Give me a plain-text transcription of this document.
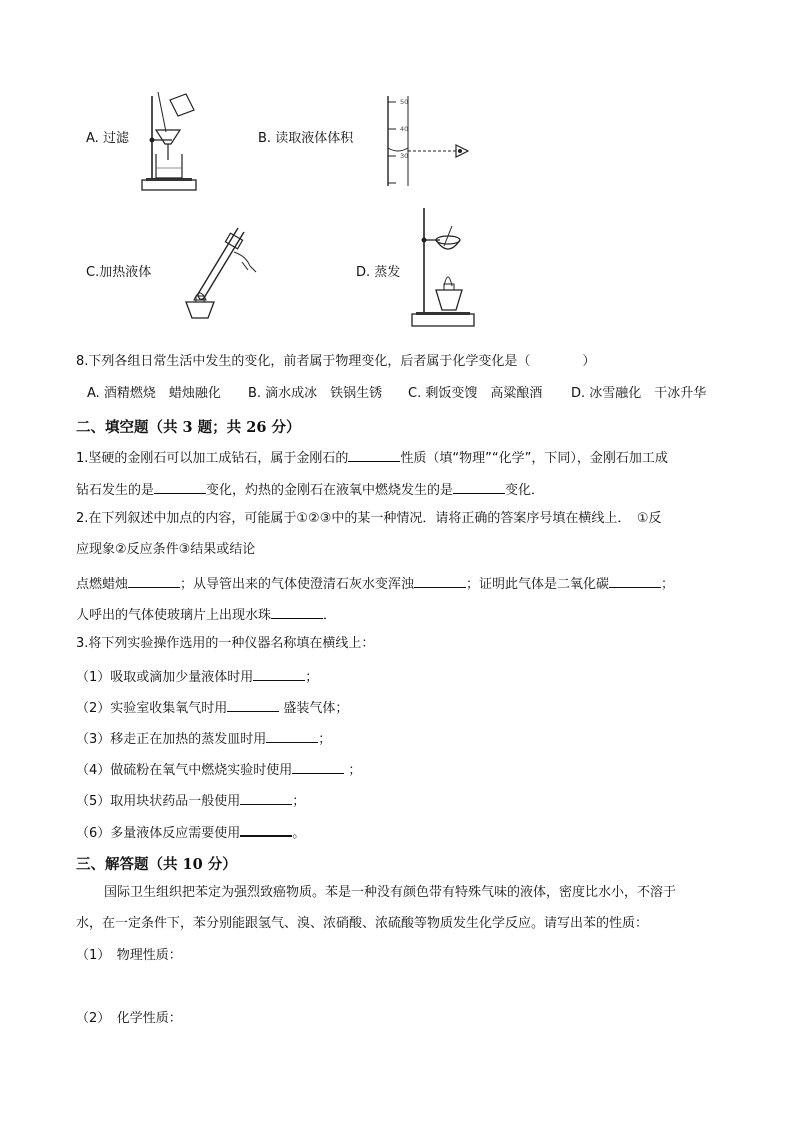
A. 过滤	B. 读取液体体积
C.加热液体	D. 蒸发
50
40
30
8.下列各组日常生活中发生的变化，前者属于物理变化，后者属于化学变化是（　　　　）
A. 酒精燃烧　蜡烛融化 B. 滴水成冰　铁锅生锈 C. 剩饭变馊　高粱酿酒 D. 冰雪融化　干冰升华
二、填空题（共 3 题；共 26 分）
1.坚硬的金刚石可以加工成钻石，属于金刚石的	性质（填“物理”“化学”，下同），金刚石加工成
钻石发生的是	变化，灼热的金刚石在液氧中燃烧发生的是	变化．
2.在下列叙述中加点的内容，可能属于①②③中的某一种情况．请将正确的答案序号填在横线上．　①反
应现象②反应条件③结果或结论
点燃蜡烛	；从导管出来的气体使澄清石灰水变浑浊	；证明此气体是二氧化碳	；
人呼出的气体使玻璃片上出现水珠	．
3.将下列实验操作选用的一种仪器名称填在横线上：
（1）吸取或滴加少量液体时用	；
（2）实验室收集氧气时用	盛装气体；
（3）移走正在加热的蒸发皿时用	；
（4）做硫粉在氧气中燃烧实验时使用	；
（5）取用块状药品一般使用	；
（6）多量液体反应需要使用	。
三、解答题（共 10 分）
国际卫生组织把苯定为强烈致癌物质。苯是一种没有颜色带有特殊气味的液体，密度比水小，不溶于
水，在一定条件下，苯分别能跟氢气、溴、浓硝酸、浓硫酸等物质发生化学反应。请写出苯的性质：
（1）　 物理性质：
（2）　 化学性质：
